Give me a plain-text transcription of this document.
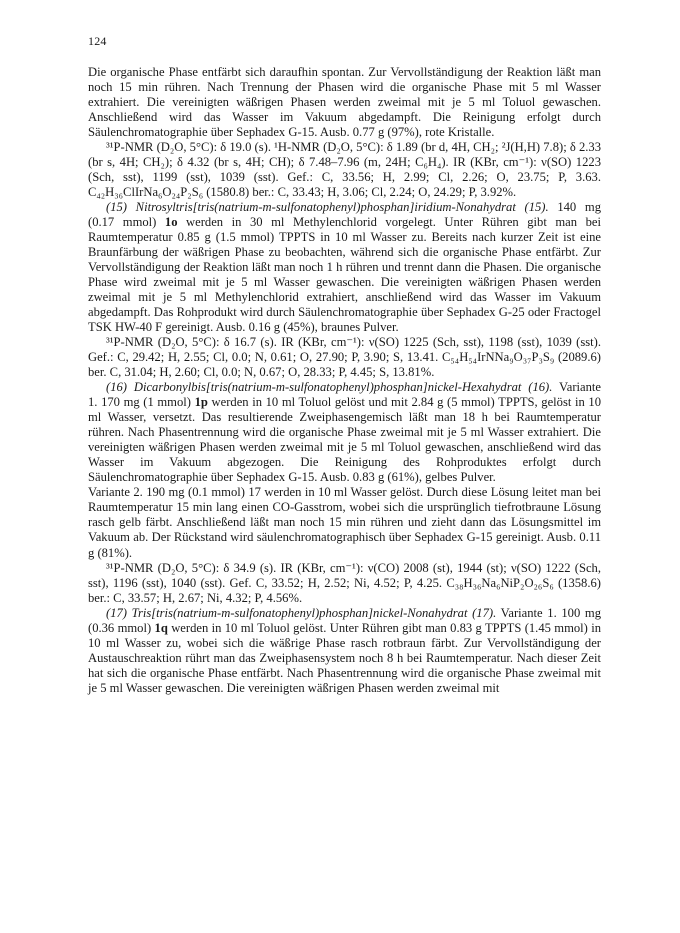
124

Die organische Phase entfärbt sich daraufhin spontan. Zur Vervollständigung der Reaktion läßt man noch 15 min rühren. Nach Trennung der Phasen wird die organische Phase mit 5 ml Wasser extrahiert. Die vereinigten wäßrigen Phasen werden zweimal mit je 5 ml Toluol gewaschen. Anschließend wird das Wasser im Vakuum abgedampft. Die Reinigung erfolgt durch Säulenchromatographie über Sephadex G-15. Ausb. 0.77 g (97%), rote Kristalle.

³¹P-NMR (D₂O, 5°C): δ 19.0 (s). ¹H-NMR (D₂O, 5°C): δ 1.89 (br d, 4H, CH₂; ²J(H,H) 7.8); δ 2.33 (br s, 4H; CH₂); δ 4.32 (br s, 4H; CH); δ 7.48–7.96 (m, 24H; C₆H₄). IR (KBr, cm⁻¹): ν(SO) 1223 (Sch, sst), 1199 (sst), 1039 (sst). Gef.: C, 33.56; H, 2.99; Cl, 2.26; O, 23.75; P, 3.63. C₄₂H₃₆ClIrNa₆O₂₄P₂S₆ (1580.8) ber.: C, 33.43; H, 3.06; Cl, 2.24; O, 24.29; P, 3.92%.

(15) Nitrosyltris[tris(natrium-m-sulfonatophenyl)phosphan]iridium-Nonahydrat (15). 140 mg (0.17 mmol) 1o werden in 30 ml Methylenchlorid vorgelegt. Unter Rühren gibt man bei Raumtemperatur 0.85 g (1.5 mmol) TPPTS in 10 ml Wasser zu. Bereits nach kurzer Zeit ist eine Braunfärbung der wäßrigen Phase zu beobachten, während sich die organische Phase entfärbt. Zur Vervollständigung der Reaktion läßt man noch 1 h rühren und trennt dann die Phasen. Die organische Phase wird zweimal mit je 5 ml Wasser gewaschen. Die vereinigten wäßrigen Phasen werden zweimal mit je 5 ml Methylenchlorid extrahiert, anschließend wird das Wasser im Vakuum abgedampft. Das Rohprodukt wird durch Säulenchromatographie über Sephadex G-25 oder Fractogel TSK HW-40 F gereinigt. Ausb. 0.16 g (45%), braunes Pulver.

³¹P-NMR (D₂O, 5°C): δ 16.7 (s). IR (KBr, cm⁻¹): ν(SO) 1225 (Sch, sst), 1198 (sst), 1039 (sst). Gef.: C, 29.42; H, 2.55; Cl, 0.0; N, 0.61; O, 27.90; P, 3.90; S, 13.41. C₅₄H₅₄IrNNa₉O₃₇P₃S₉ (2089.6) ber. C, 31.04; H, 2.60; Cl, 0.0; N, 0.67; O, 28.33; P, 4.45; S, 13.81%.

(16) Dicarbonylbis[tris(natrium-m-sulfonatophenyl)phosphan]nickel-Hexahydrat (16). Variante 1. 170 mg (1 mmol) 1p werden in 10 ml Toluol gelöst und mit 2.84 g (5 mmol) TPPTS, gelöst in 10 ml Wasser, versetzt. Das resultierende Zweiphasengemisch läßt man 18 h bei Raumtemperatur rühren. Nach Phasentrennung wird die organische Phase zweimal mit je 5 ml Wasser extrahiert. Die vereinigten wäßrigen Phasen werden zweimal mit je 5 ml Toluol gewaschen, anschließend wird das Wasser im Vakuum abgezogen. Die Reinigung des Rohproduktes erfolgt durch Säulenchromatographie über Sephadex G-15. Ausb. 0.83 g (61%), gelbes Pulver.

Variante 2. 190 mg (0.1 mmol) 17 werden in 10 ml Wasser gelöst. Durch diese Lösung leitet man bei Raumtemperatur 15 min lang einen CO-Gasstrom, wobei sich die ursprünglich tiefrotbraune Lösung rasch gelb färbt. Anschließend läßt man noch 15 min rühren und zieht dann das Lösungsmittel im Vakuum ab. Der Rückstand wird säulenchromatographisch über Sephadex G-15 gereinigt. Ausb. 0.11 g (81%).

³¹P-NMR (D₂O, 5°C): δ 34.9 (s). IR (KBr, cm⁻¹): ν(CO) 2008 (st), 1944 (st); ν(SO) 1222 (Sch, sst), 1196 (sst), 1040 (sst). Gef. C, 33.52; H, 2.52; Ni, 4.52; P, 4.25. C₃₈H₃₆Na₆NiP₂O₂₆S₆ (1358.6) ber.: C, 33.57; H, 2.67; Ni, 4.32; P, 4.56%.

(17) Tris[tris(natrium-m-sulfonatophenyl)phosphan]nickel-Nonahydrat (17). Variante 1. 100 mg (0.36 mmol) 1q werden in 10 ml Toluol gelöst. Unter Rühren gibt man 0.83 g TPPTS (1.45 mmol) in 10 ml Wasser zu, wobei sich die wäßrige Phase rasch rotbraun färbt. Zur Vervollständigung der Austauschreaktion rührt man das Zweiphasensystem noch 8 h bei Raumtemperatur. Nach dieser Zeit hat sich die organische Phase entfärbt. Nach Phasentrennung wird die organische Phase zweimal mit je 5 ml Wasser gewaschen. Die vereinigten wäßrigen Phasen werden zweimal mit
